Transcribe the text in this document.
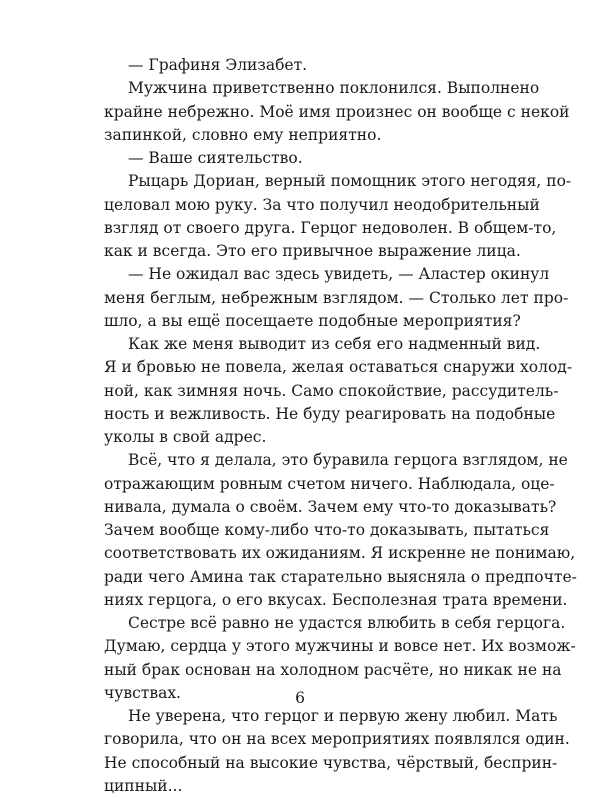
— Графиня Элизабет.
Мужчина приветственно поклонился. Выполнено
крайне небрежно. Моё имя произнес он вообще с некой
запинкой, словно ему неприятно.
— Ваше сиятельство.
Рыцарь Дориан, верный помощник этого негодяя, по-
целовал мою руку. За что получил неодобрительный
взгляд от своего друга. Герцог недоволен. В общем-то,
как и всегда. Это его привычное выражение лица.
— Не ожидал вас здесь увидеть, — Аластер окинул
меня беглым, небрежным взглядом. — Столько лет про-
шло, а вы ещё посещаете подобные мероприятия?
Как же меня выводит из себя его надменный вид.
Я и бровью не повела, желая оставаться снаружи холод-
ной, как зимняя ночь. Само спокойствие, рассудитель-
ность и вежливость. Не буду реагировать на подобные
уколы в свой адрес.
Всё, что я делала, это буравила герцога взглядом, не
отражающим ровным счетом ничего. Наблюдала, оце-
нивала, думала о своём. Зачем ему что-то доказывать?
Зачем вообще кому-либо что-то доказывать, пытаться
соответствовать их ожиданиям. Я искренне не понимаю,
ради чего Амина так старательно выясняла о предпочте-
ниях герцога, о его вкусах. Бесполезная трата времени.
Сестре всё равно не удастся влюбить в себя герцога.
Думаю, сердца у этого мужчины и вовсе нет. Их возмож-
ный брак основан на холодном расчёте, но никак не на
чувствах.
Не уверена, что герцог и первую жену любил. Мать
говорила, что он на всех мероприятиях появлялся один.
Не способный на высокие чувства, чёрствый, бесприн-
ципный...
6
